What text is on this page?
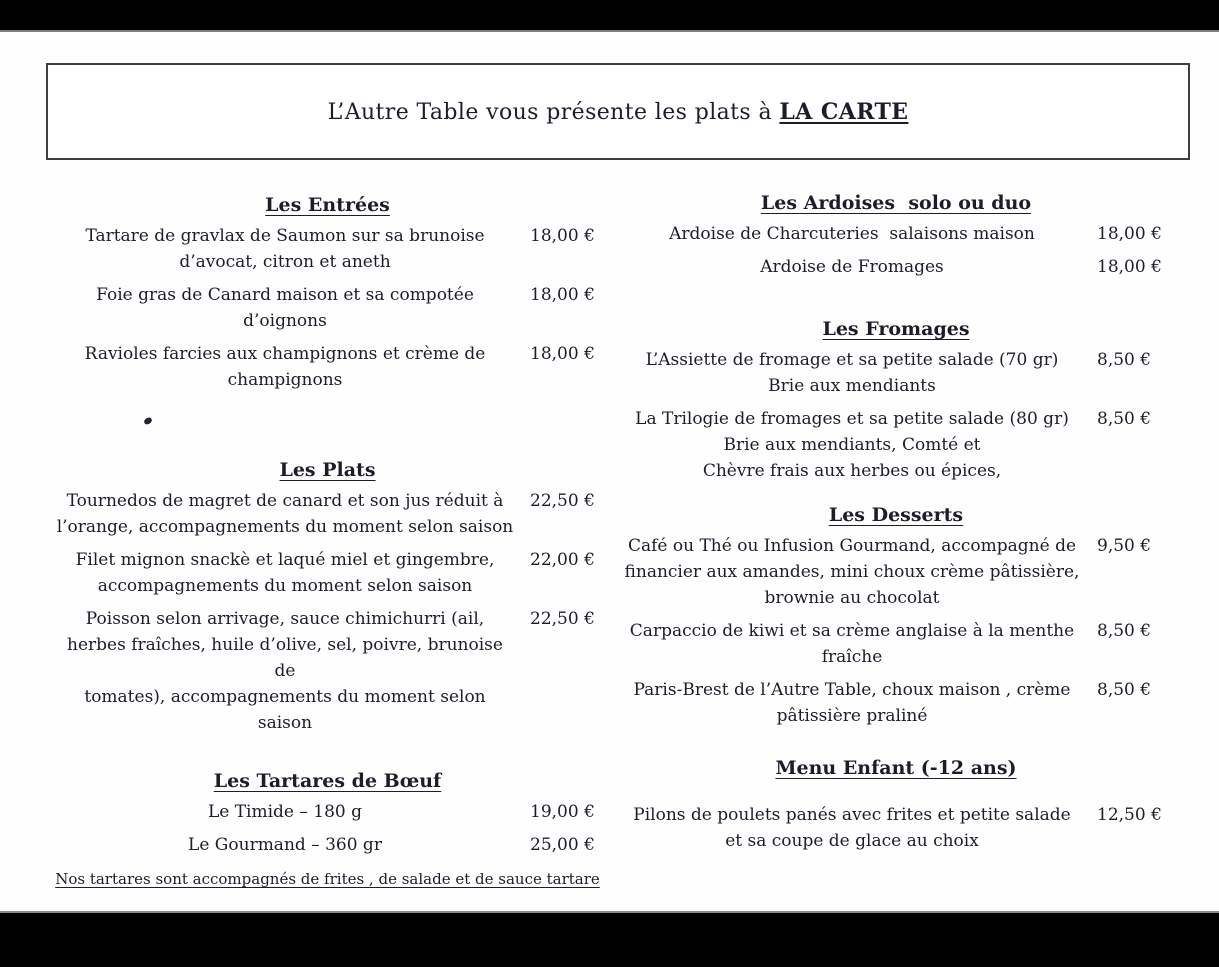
L’Autre Table vous présente les plats à LA CARTE
Les Entrées
Tartare de gravlax de Saumon sur sa brunoise
d’avocat, citron et aneth
18,00 €
Foie gras de Canard maison et sa compotée
d’oignons
18,00 €
Ravioles farcies aux champignons et crème de
champignons
18,00 €
Les Plats
Tournedos de magret de canard et son jus réduit à
l’orange, accompagnements du moment selon saison
22,50 €
Filet mignon snackè et laqué miel et gingembre,
accompagnements du moment selon saison
22,00 €
Poisson selon arrivage, sauce chimichurri (ail,
herbes fraîches, huile d’olive, sel, poivre, brunoise de
tomates), accompagnements du moment selon saison
22,50 €
Les Tartares de Bœuf
Le Timide – 180 g	19,00 €
Le Gourmand – 360 gr	25,00 €
Nos tartares sont accompagnés de frites , de salade et de sauce tartare
Les Ardoises  solo ou duo
Ardoise de Charcuteries  salaisons maison	18,00 €
Ardoise de Fromages	18,00 €
Les Fromages
L’Assiette de fromage et sa petite salade (70 gr)
Brie aux mendiants
8,50 €
La Trilogie de fromages et sa petite salade (80 gr)
Brie aux mendiants, Comté et
Chèvre frais aux herbes ou épices,
8,50 €
Les Desserts
Café ou Thé ou Infusion Gourmand, accompagné de
financier aux amandes, mini choux crème pâtissière,
brownie au chocolat
9,50 €
Carpaccio de kiwi et sa crème anglaise à la menthe
fraîche
8,50 €
Paris-Brest de l’Autre Table, choux maison , crème
pâtissière praliné
8,50 €
Menu Enfant (-12 ans)
Pilons de poulets panés avec frites et petite salade
et sa coupe de glace au choix
12,50 €
